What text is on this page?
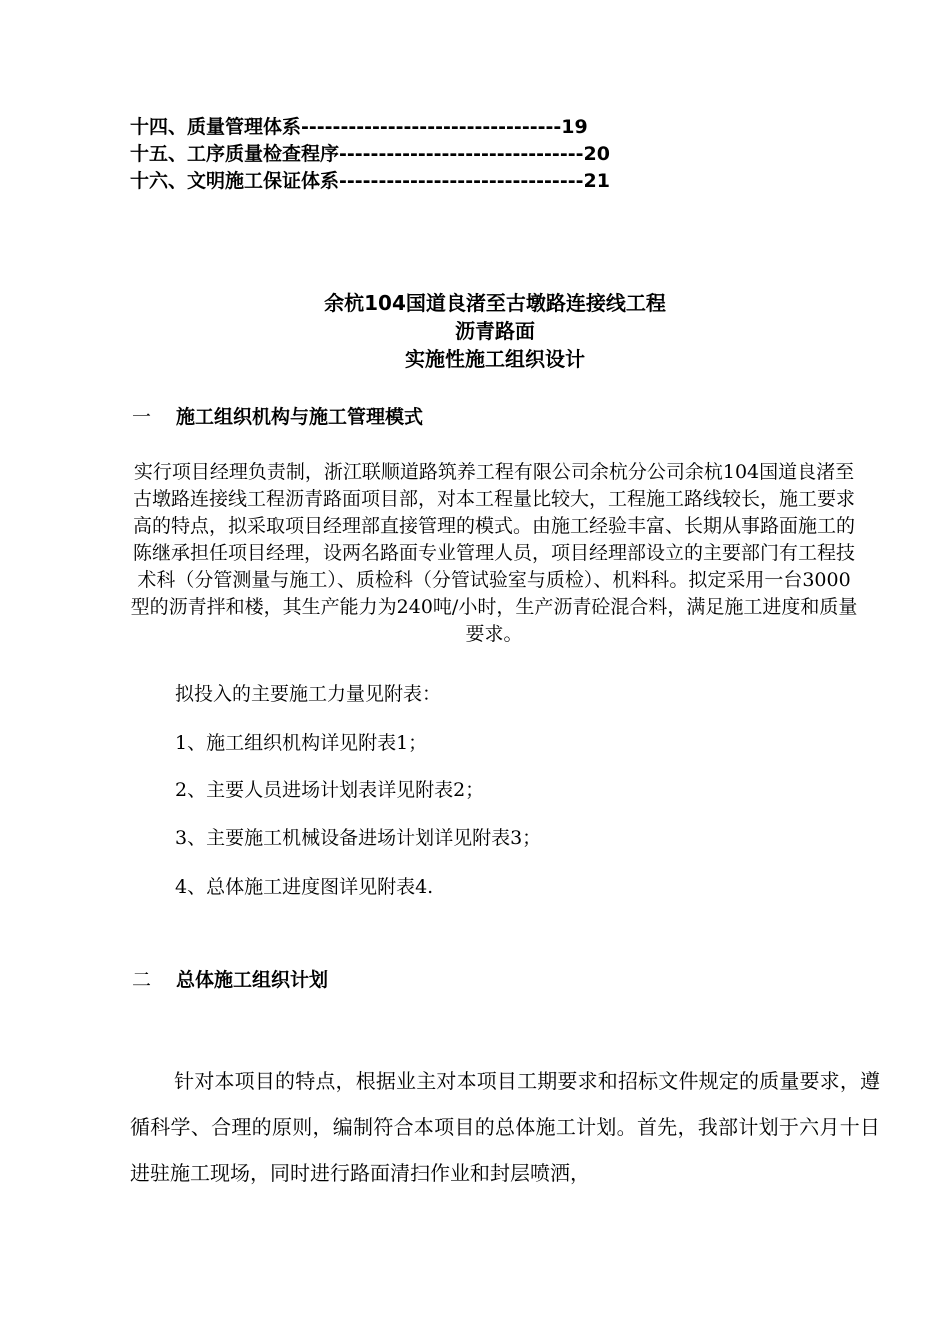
十四、质量管理体系 --------------------------------- 19
十五、工序质量检查程序 ------------------------------- 20
十六、文明施工保证体系 ------------------------------- 21
余杭104国道良渚至古墩路连接线工程
沥青路面
实施性施工组织设计
一 施工组织机构与施工管理模式
实行项目经理负责制，浙江联顺道路筑养工程有限公司余杭分公司余杭104国道良渚至古墩路连接线工程沥青路面项目部，对本工程量比较大，工程施工路线较长，施工要求高的特点，拟采取项目经理部直接管理的模式。由施工经验丰富、长期从事路面施工的陈继承担任项目经理，设两名路面专业管理人员，项目经理部设立的主要部门有工程技术科（分管测量与施工）、质检科（分管试验室与质检）、机料科。拟定采用一台3000型的沥青拌和楼，其生产能力为240吨/小时，生产沥青砼混合料，满足施工进度和质量要求。
拟投入的主要施工力量见附表：
1、施工组织机构详见附表1；
2、主要人员进场计划表详见附表2；
3、主要施工机械设备进场计划详见附表3；
4、总体施工进度图详见附表4.
二 总体施工组织计划
针对本项目的特点，根据业主对本项目工期要求和招标文件规定的质量要求，遵循科学、合理的原则，编制符合本项目的总体施工计划。首先，我部计划于六月十日进驻施工现场，同时进行路面清扫作业和封层喷洒，
